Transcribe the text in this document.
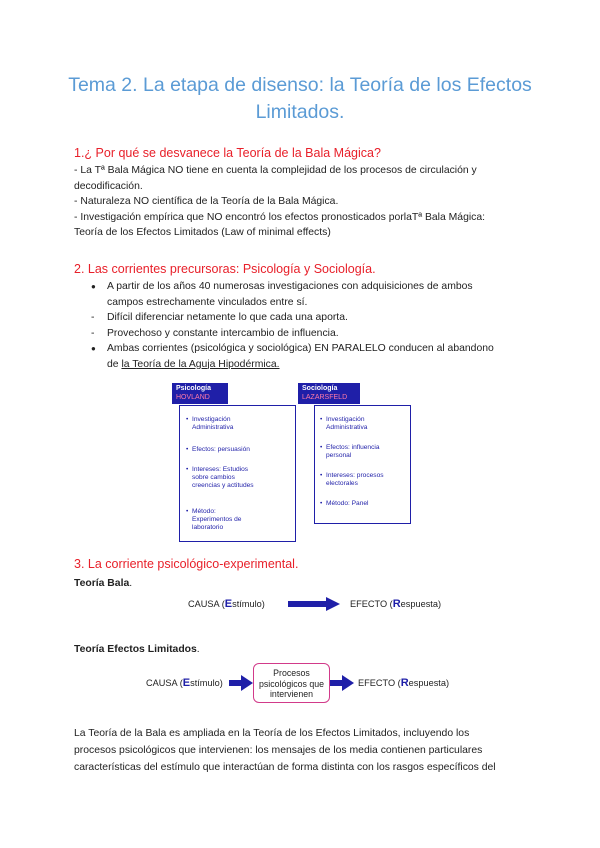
Tema 2. La etapa de disenso: la Teoría de los Efectos Limitados.
1.¿ Por qué se desvanece la Teoría de la Bala Mágica?
- La Tª Bala Mágica NO tiene en cuenta la complejidad de los procesos de circulación y
decodificación.
- Naturaleza NO científica de la Teoría de la Bala Mágica.
- Investigación empírica que NO encontró los efectos pronosticados porlaTª Bala Mágica:
Teoría de los Efectos Limitados (Law of minimal effects)
2. Las corrientes precursoras: Psicología y Sociología.
● A partir de los años 40 numerosas investigaciones con adquisiciones de ambos
campos estrechamente vinculados entre sí.
- Difícil diferenciar netamente lo que cada una aporta.
- Provechoso y constante intercambio de influencia.
● Ambas corrientes (psicológica y sociológica) EN PARALELO conducen al abandono
de la Teoría de la Aguja Hipodérmica.
Psicología
HOVLAND
• Investigación
Administrativa
• Efectos: persuasión
• Intereses: Estudios
sobre cambios
creencias y actitudes
• Método:
Experimentos de
laboratorio
Sociología
LAZARSFELD
• Investigación
Administrativa
• Efectos: influencia
personal
• Intereses: procesos
electorales
• Método: Panel
3. La corriente psicológico-experimental.
Teoría Bala.
CAUSA (Estímulo)	EFECTO (Respuesta)
Teoría Efectos Limitados.
CAUSA (Estímulo)
Procesos
psicológicos que
intervienen
EFECTO (Respuesta)
La Teoría de la Bala es ampliada en la Teoría de los Efectos Limitados, incluyendo los
procesos psicológicos que intervienen: los mensajes de los media contienen particulares
características del estímulo que interactúan de forma distinta con los rasgos específicos del
